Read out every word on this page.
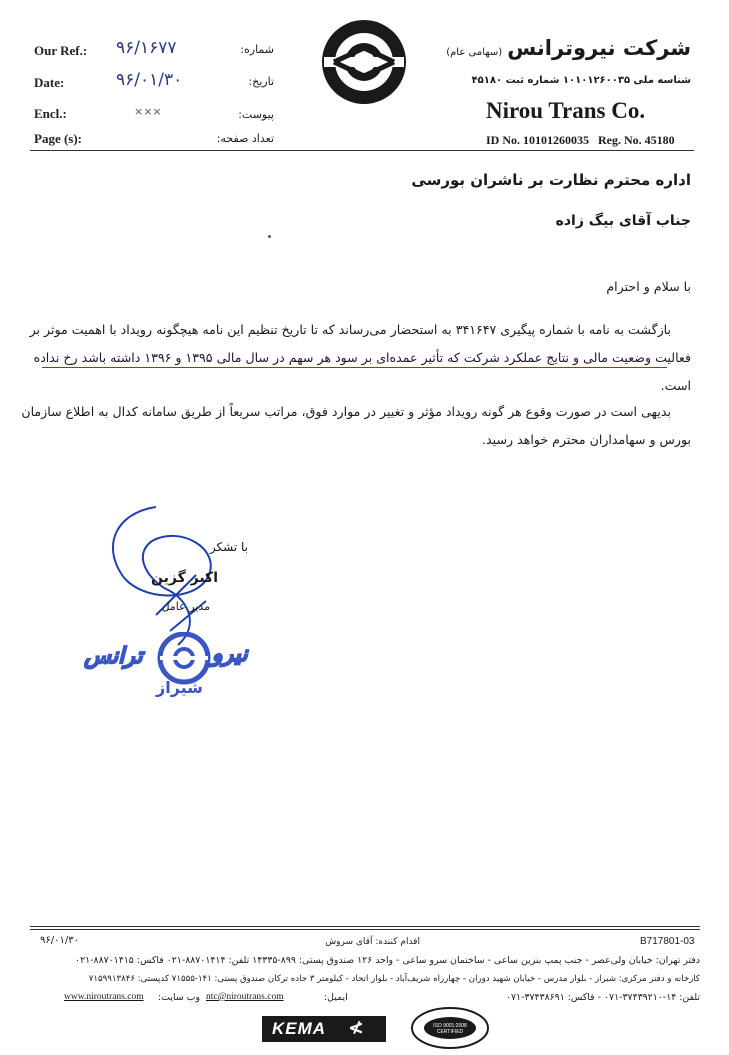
Our Ref.: ۹۶/۱۶۷۷	شماره:
Date:	۹۶/۰۱/۳۰	تاریخ:
Encl.:	×××	پیوست:
Page (s):	تعداد صفحه:
شرکت نیروترانس (سهامی عام)
شناسه ملی ۱۰۱۰۱۲۶۰۰۳۵ شماره ثبت ۴۵۱۸۰
Nirou Trans Co.
ID No. 10101260035   Reg. No. 45180
اداره محترم نظارت بر ناشران بورسی
جناب آقای بیگ زاده
با سلام و احترام
بازگشت به نامه با شماره پیگیری ۳۴۱۶۴۷ به استحضار می‌رساند که تا تاریخ تنظیم این نامه هیچگونه رویداد با اهمیت موثر بر
فعالیت وضعیت مالی و نتایج عملکرد شرکت که تأثیر عمده‌ای بر سود هر سهم در سال مالی ۱۳۹۵ و ۱۳۹۶ داشته باشد رخ نداده
است.
بدیهی است در صورت وقوع هر گونه رویداد مؤثر و تغییر در موارد فوق، مراتب سریعاً از طریق سامانه کدال به اطلاع سازمان
بورس و سهامداران محترم خواهد رسید.
با تشکر
اکبر گزین
مدیر عامل
نیرو
ترانس
شیراز
۹۶/۰۱/۳۰	اقدام کننده: آقای سروش	B717801-03
دفتر تهران: خیابان ولی‌عصر - جنب پمپ بنزین ساعی - ساختمان سرو ساعی - واحد ۱۲۶ صندوق پستی: ۸۹۹-۱۴۳۳۵ تلفن: ۸۸۷۰۱۴۱۴-۰۲۱ فاکس: ۸۸۷۰۱۴۱۵-۰۲۱
کارخانه و دفتر مرکزی: شیراز - بلوار مدرس - خیابان شهید دوران - چهارراه شریف‌آباد - بلوار اتحاد - کیلومتر ۳ جاده ترکان صندوق پستی: ۱۴۱-۷۱۵۵۵ کدپستی: ۷۱۵۹۹۱۳۸۴۶
تلفن: ۱۴-۳۷۴۳۹۲۱۰-۰۷۱ - فاکس: ۳۷۴۳۸۶۹۱-۰۷۱
ایمیل:
ntc@niroutrans.com
وب سایت:
www.niroutrans.com
KEMA ≮	ISO 9001:2008 CERTIFIED
